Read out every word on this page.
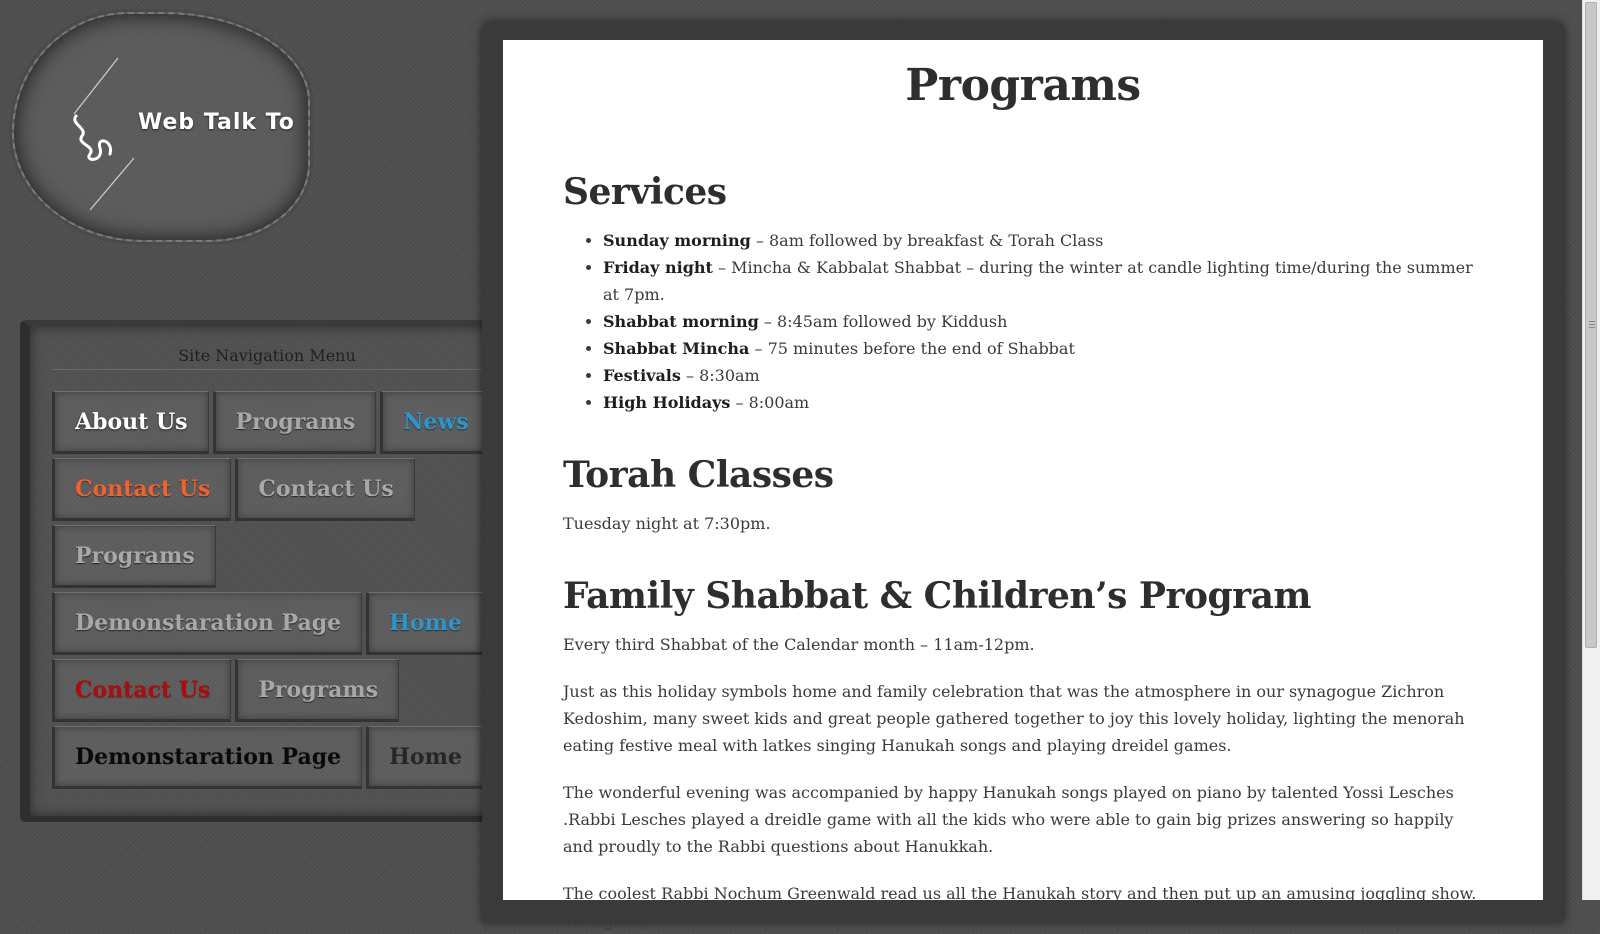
Web Talk To
Site Navigation Menu
About Us	Programs	News
Contact Us	Contact Us
Programs
Demonstaration Page	Home
Contact Us	Programs
Demonstaration Page	Home
Programs
Services
• Sunday morning – 8am followed by breakfast & Torah Class
• Friday night – Mincha & Kabbalat Shabbat – during the winter at candle lighting time/during the summer at 7pm.
• Shabbat morning – 8:45am followed by Kiddush
• Shabbat Mincha – 75 minutes before the end of Shabbat
• Festivals – 8:30am
• High Holidays – 8:00am
Torah Classes

Tuesday night at 7:30pm.

Family Shabbat & Children’s Program

Every third Shabbat of the Calendar month – 11am-12pm.

Just as this holiday symbols home and family celebration that was the atmosphere in our synagogue Zichron Kedoshim, many sweet kids and great people gathered together to joy this lovely holiday, lighting the menorah eating festive meal with latkes singing Hanukah songs and playing dreidel games.

The wonderful evening was accompanied by happy Hanukah songs played on piano by talented Yossi Lesches .Rabbi Lesches played a dreidle game with all the kids who were able to gain big prizes answering so happily and proudly to the Rabbi questions about Hanukkah.

The coolest Rabbi Nochum Greenwald read us all the Hanukah story and then put up an amusing joggling show. We lighted
